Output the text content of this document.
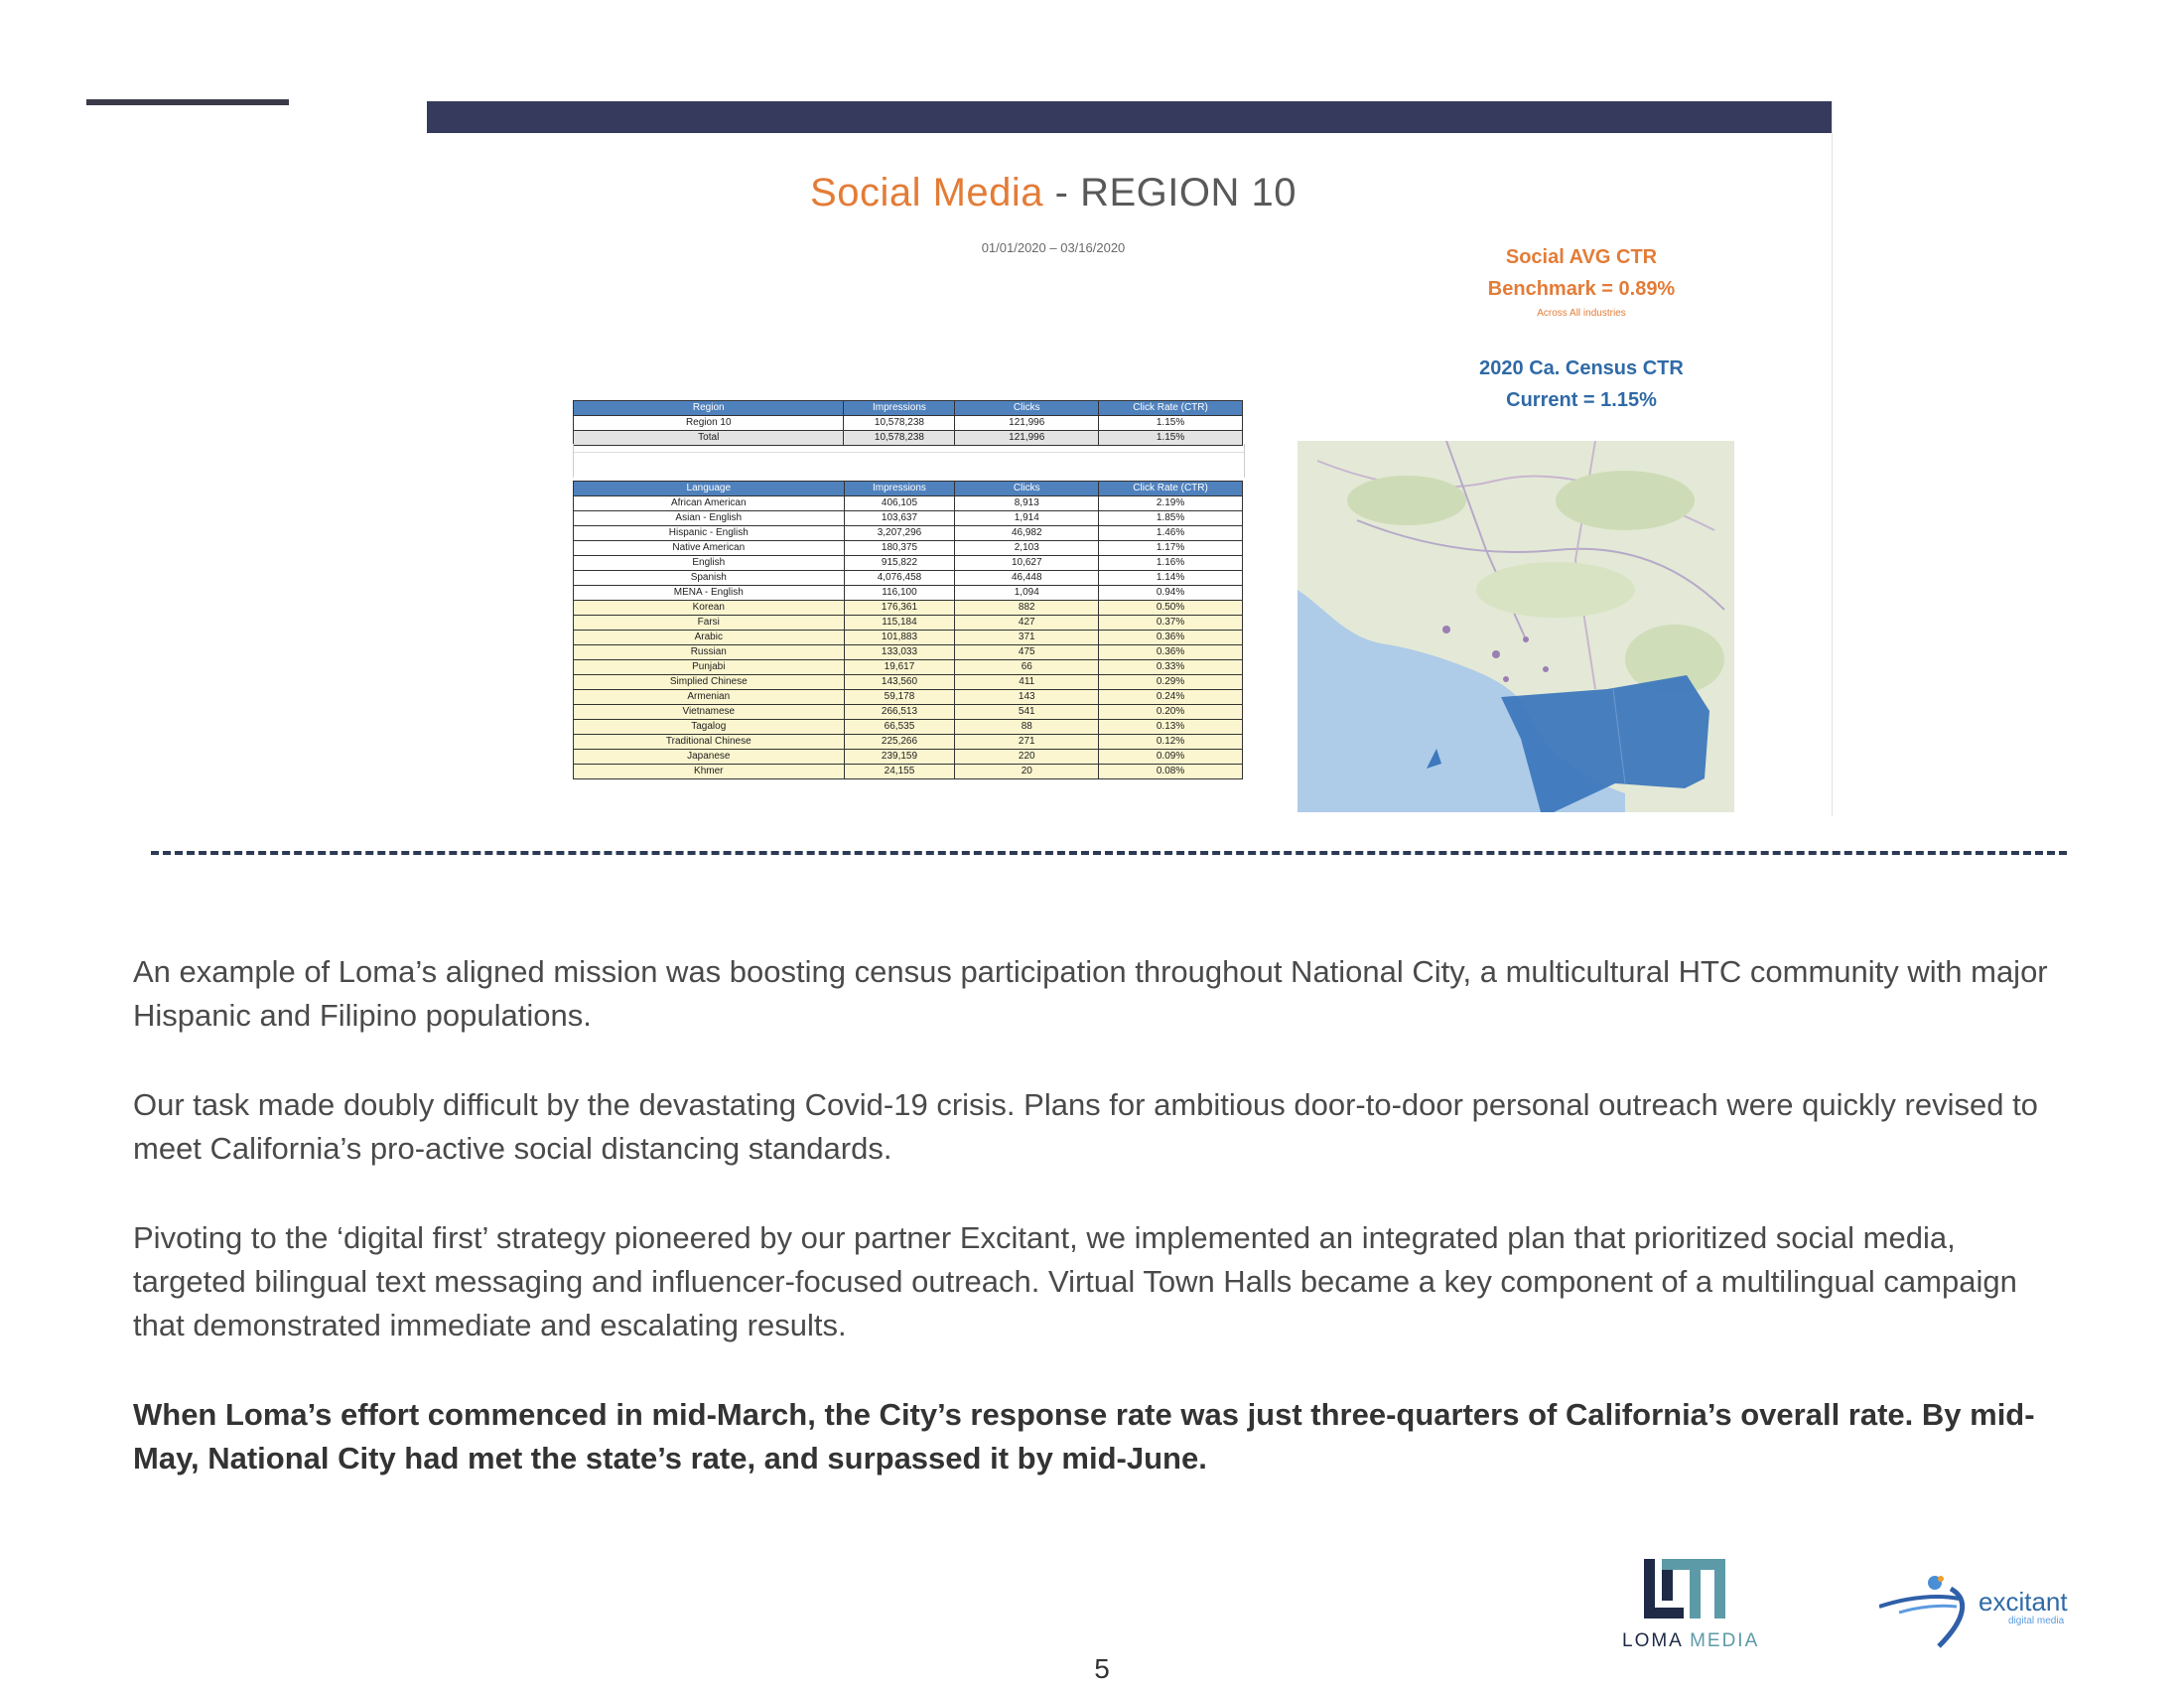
Social Media - REGION 10
01/01/2020 – 03/16/2020	Social AVG CTR
Benchmark = 0.89%
Across All industries
2020 Ca. Census CTR
Current = 1.15%
Region	Impressions	Clicks	Click Rate (CTR)
Region 10	10,578,238	121,996	1.15%
Total	10,578,238	121,996	1.15%
Language	Impressions	Clicks	Click Rate (CTR)
African American	406,105	8,913	2.19%
Asian - English	103,637	1,914	1.85%
Hispanic - English	3,207,296	46,982	1.46%
Native American	180,375	2,103	1.17%
English	915,822	10,627	1.16%
Spanish	4,076,458	46,448	1.14%
MENA - English	116,100	1,094	0.94%
Korean	176,361	882	0.50%
Farsi	115,184	427	0.37%
Arabic	101,883	371	0.36%
Russian	133,033	475	0.36%
Punjabi	19,617	66	0.33%
Simplied Chinese	143,560	411	0.29%
Armenian	59,178	143	0.24%
Vietnamese	266,513	541	0.20%
Tagalog	66,535	88	0.13%
Traditional Chinese	225,266	271	0.12%
Japanese	239,159	220	0.09%
Khmer	24,155	20	0.08%
An example of Loma’s aligned mission was boosting census participation throughout National City, a multicultural HTC community with major Hispanic and Filipino populations.
Our task made doubly difficult by the devastating Covid-19 crisis. Plans for ambitious door-to-door personal outreach were quickly revised to meet California’s pro-active social distancing standards.
Pivoting to the ‘digital first’ strategy pioneered by our partner Excitant, we implemented an integrated plan that prioritized social media, targeted bilingual text messaging and influencer-focused outreach. Virtual Town Halls became a key component of a multilingual campaign that demonstrated immediate and escalating results.
When Loma’s effort commenced in mid-March, the City’s response rate was just three-quarters of California’s overall rate. By mid-May, National City had met the state’s rate, and surpassed it by mid-June.
LOMA MEDIA
excitant
digital media
5
